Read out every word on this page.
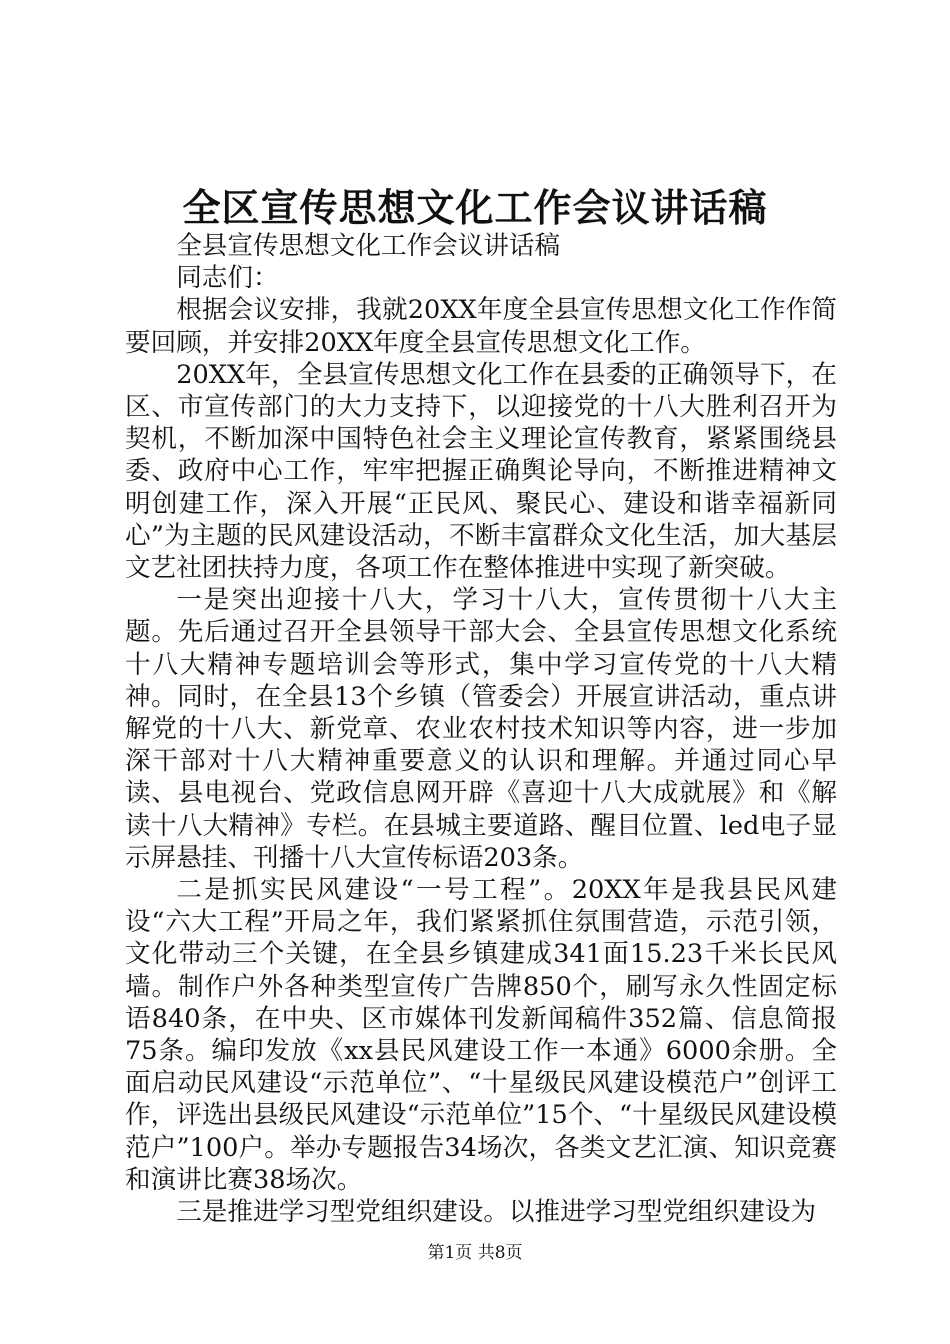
全区宣传思想文化工作会议讲话稿

全县宣传思想文化工作会议讲话稿

同志们：

根据会议安排，我就20XX年度全县宣传思想文化工作作简要回顾，并安排20XX年度全县宣传思想文化工作。

20XX年，全县宣传思想文化工作在县委的正确领导下，在区、市宣传部门的大力支持下，以迎接党的十八大胜利召开为契机，不断加深中国特色社会主义理论宣传教育，紧紧围绕县委、政府中心工作，牢牢把握正确舆论导向，不断推进精神文明创建工作，深入开展“正民风、聚民心、建设和谐幸福新同心”为主题的民风建设活动，不断丰富群众文化生活，加大基层文艺社团扶持力度，各项工作在整体推进中实现了新突破。

一是突出迎接十八大，学习十八大，宣传贯彻十八大主题。先后通过召开全县领导干部大会、全县宣传思想文化系统十八大精神专题培训会等形式，集中学习宣传党的十八大精神。同时，在全县13个乡镇（管委会）开展宣讲活动，重点讲解党的十八大、新党章、农业农村技术知识等内容，进一步加深干部对十八大精神重要意义的认识和理解。并通过同心早读、县电视台、党政信息网开辟《喜迎十八大成就展》和《解读十八大精神》专栏。在县城主要道路、醒目位置、led电子显示屏悬挂、刊播十八大宣传标语203条。

二是抓实民风建设“一号工程”。20XX年是我县民风建设“六大工程”开局之年，我们紧紧抓住氛围营造，示范引领，文化带动三个关键，在全县乡镇建成341面15.23千米长民风墙。制作户外各种类型宣传广告牌850个，刷写永久性固定标语840条，在中央、区市媒体刊发新闻稿件352篇、信息简报75条。编印发放《xx县民风建设工作一本通》6000余册。全面启动民风建设“示范单位”、“十星级民风建设模范户”创评工作，评选出县级民风建设“示范单位”15个、“十星级民风建设模范户”100户。举办专题报告34场次，各类文艺汇演、知识竞赛和演讲比赛38场次。

三是推进学习型党组织建设。以推进学习型党组织建设为

第1页 共8页
